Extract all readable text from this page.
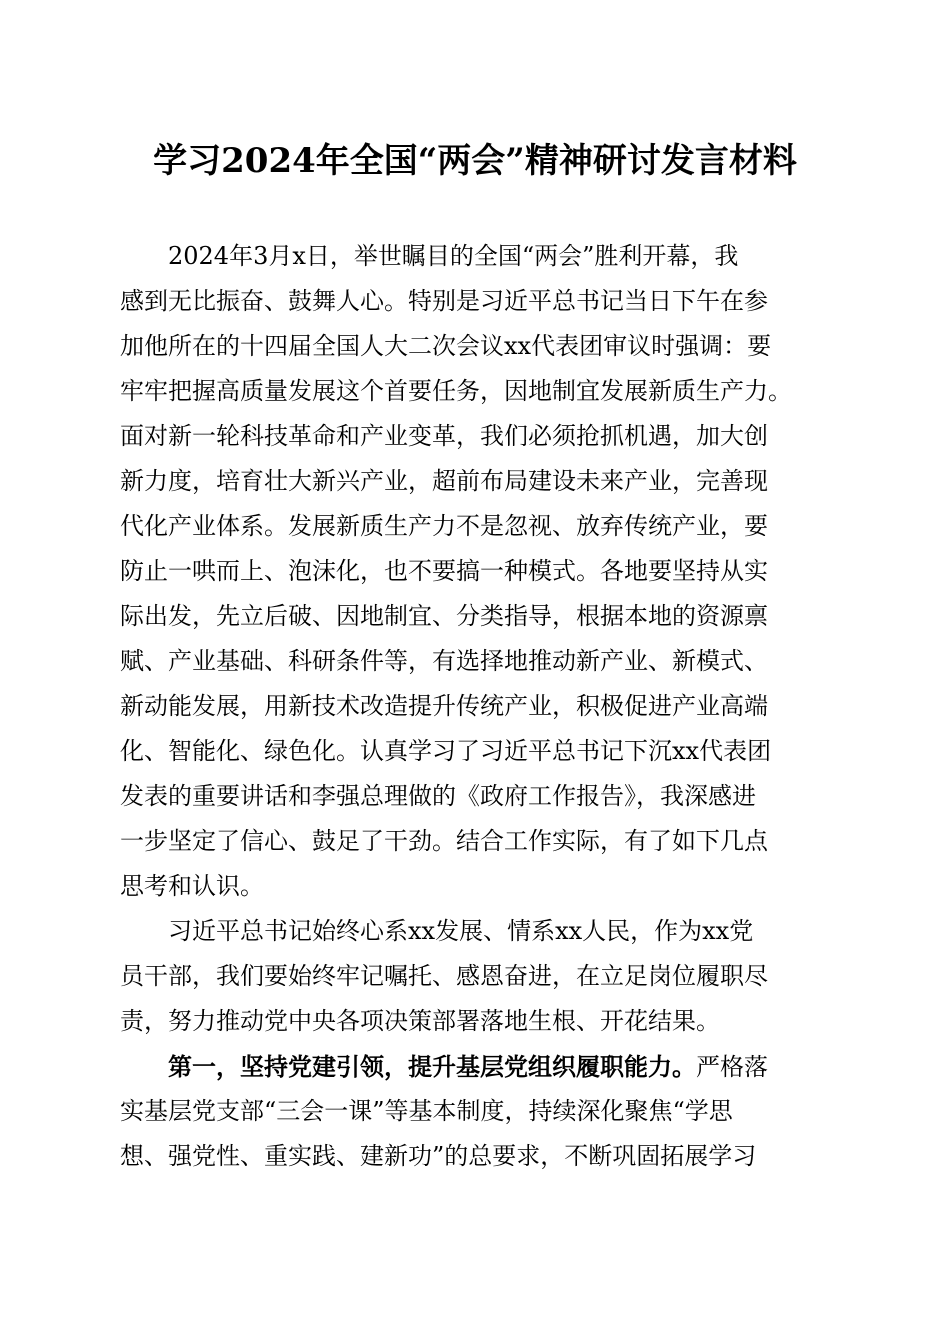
学习2024年全国“两会”精神研讨发言材料
2024年3月x日，举世瞩目的全国“两会”胜利开幕，我
感到无比振奋、鼓舞人心。特别是习近平总书记当日下午在参
加他所在的十四届全国人大二次会议xx代表团审议时强调：要
牢牢把握高质量发展这个首要任务，因地制宜发展新质生产力。
面对新一轮科技革命和产业变革，我们必须抢抓机遇，加大创
新力度，培育壮大新兴产业，超前布局建设未来产业，完善现
代化产业体系。发展新质生产力不是忽视、放弃传统产业，要
防止一哄而上、泡沫化，也不要搞一种模式。各地要坚持从实
际出发，先立后破、因地制宜、分类指导，根据本地的资源禀
赋、产业基础、科研条件等，有选择地推动新产业、新模式、
新动能发展，用新技术改造提升传统产业，积极促进产业高端
化、智能化、绿色化。认真学习了习近平总书记下沉xx代表团
发表的重要讲话和李强总理做的《政府工作报告》，我深感进
一步坚定了信心、鼓足了干劲。结合工作实际，有了如下几点
思考和认识。
习近平总书记始终心系xx发展、情系xx人民，作为xx党
员干部，我们要始终牢记嘱托、感恩奋进，在立足岗位履职尽
责，努力推动党中央各项决策部署落地生根、开花结果。
第一，坚持党建引领，提升基层党组织履职能力。严格落
实基层党支部“三会一课”等基本制度，持续深化聚焦“学思
想、强党性、重实践、建新功”的总要求，不断巩固拓展学习
